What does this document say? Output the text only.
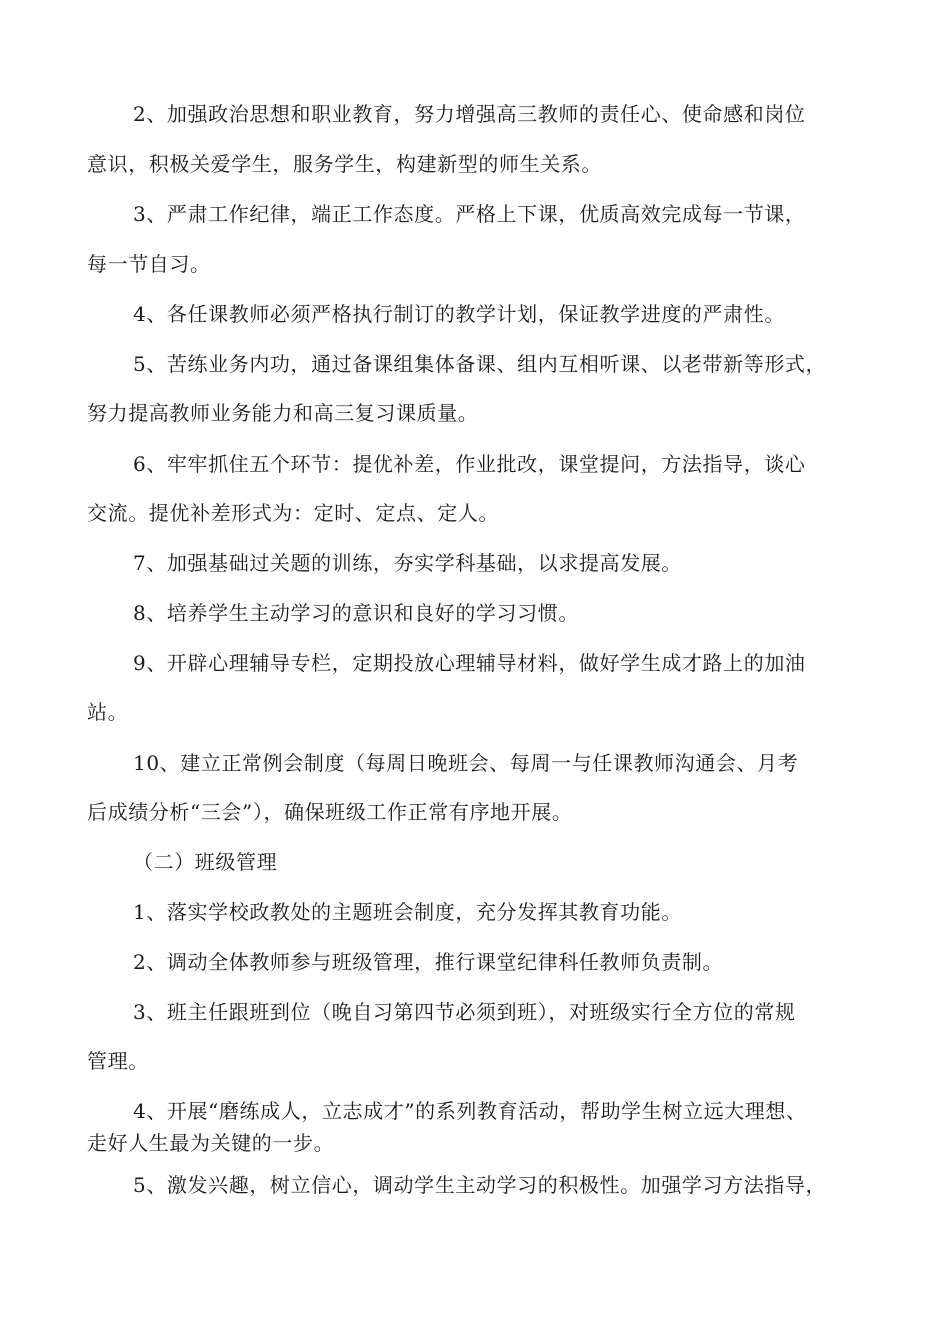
2、加强政治思想和职业教育，努力增强高三教师的责任心、使命感和岗位
意识，积极关爱学生，服务学生，构建新型的师生关系。
3、严肃工作纪律，端正工作态度。严格上下课，优质高效完成每一节课，
每一节自习。
4、各任课教师必须严格执行制订的教学计划，保证教学进度的严肃性。
5、苦练业务内功，通过备课组集体备课、组内互相听课、以老带新等形式，
努力提高教师业务能力和高三复习课质量。
6、牢牢抓住五个环节：提优补差，作业批改，课堂提问，方法指导，谈心
交流。提优补差形式为：定时、定点、定人。
7、加强基础过关题的训练，夯实学科基础，以求提高发展。
8、培养学生主动学习的意识和良好的学习习惯。
9、开辟心理辅导专栏，定期投放心理辅导材料，做好学生成才路上的加油
站。
10、建立正常例会制度（每周日晚班会、每周一与任课教师沟通会、月考
后成绩分析“三会”），确保班级工作正常有序地开展。
（二）班级管理
1、落实学校政教处的主题班会制度，充分发挥其教育功能。
2、调动全体教师参与班级管理，推行课堂纪律科任教师负责制。
3、班主任跟班到位（晚自习第四节必须到班），对班级实行全方位的常规
管理。
4、开展“磨练成人，立志成才”的系列教育活动，帮助学生树立远大理想、
走好人生最为关键的一步。
5、激发兴趣，树立信心，调动学生主动学习的积极性。加强学习方法指导，
